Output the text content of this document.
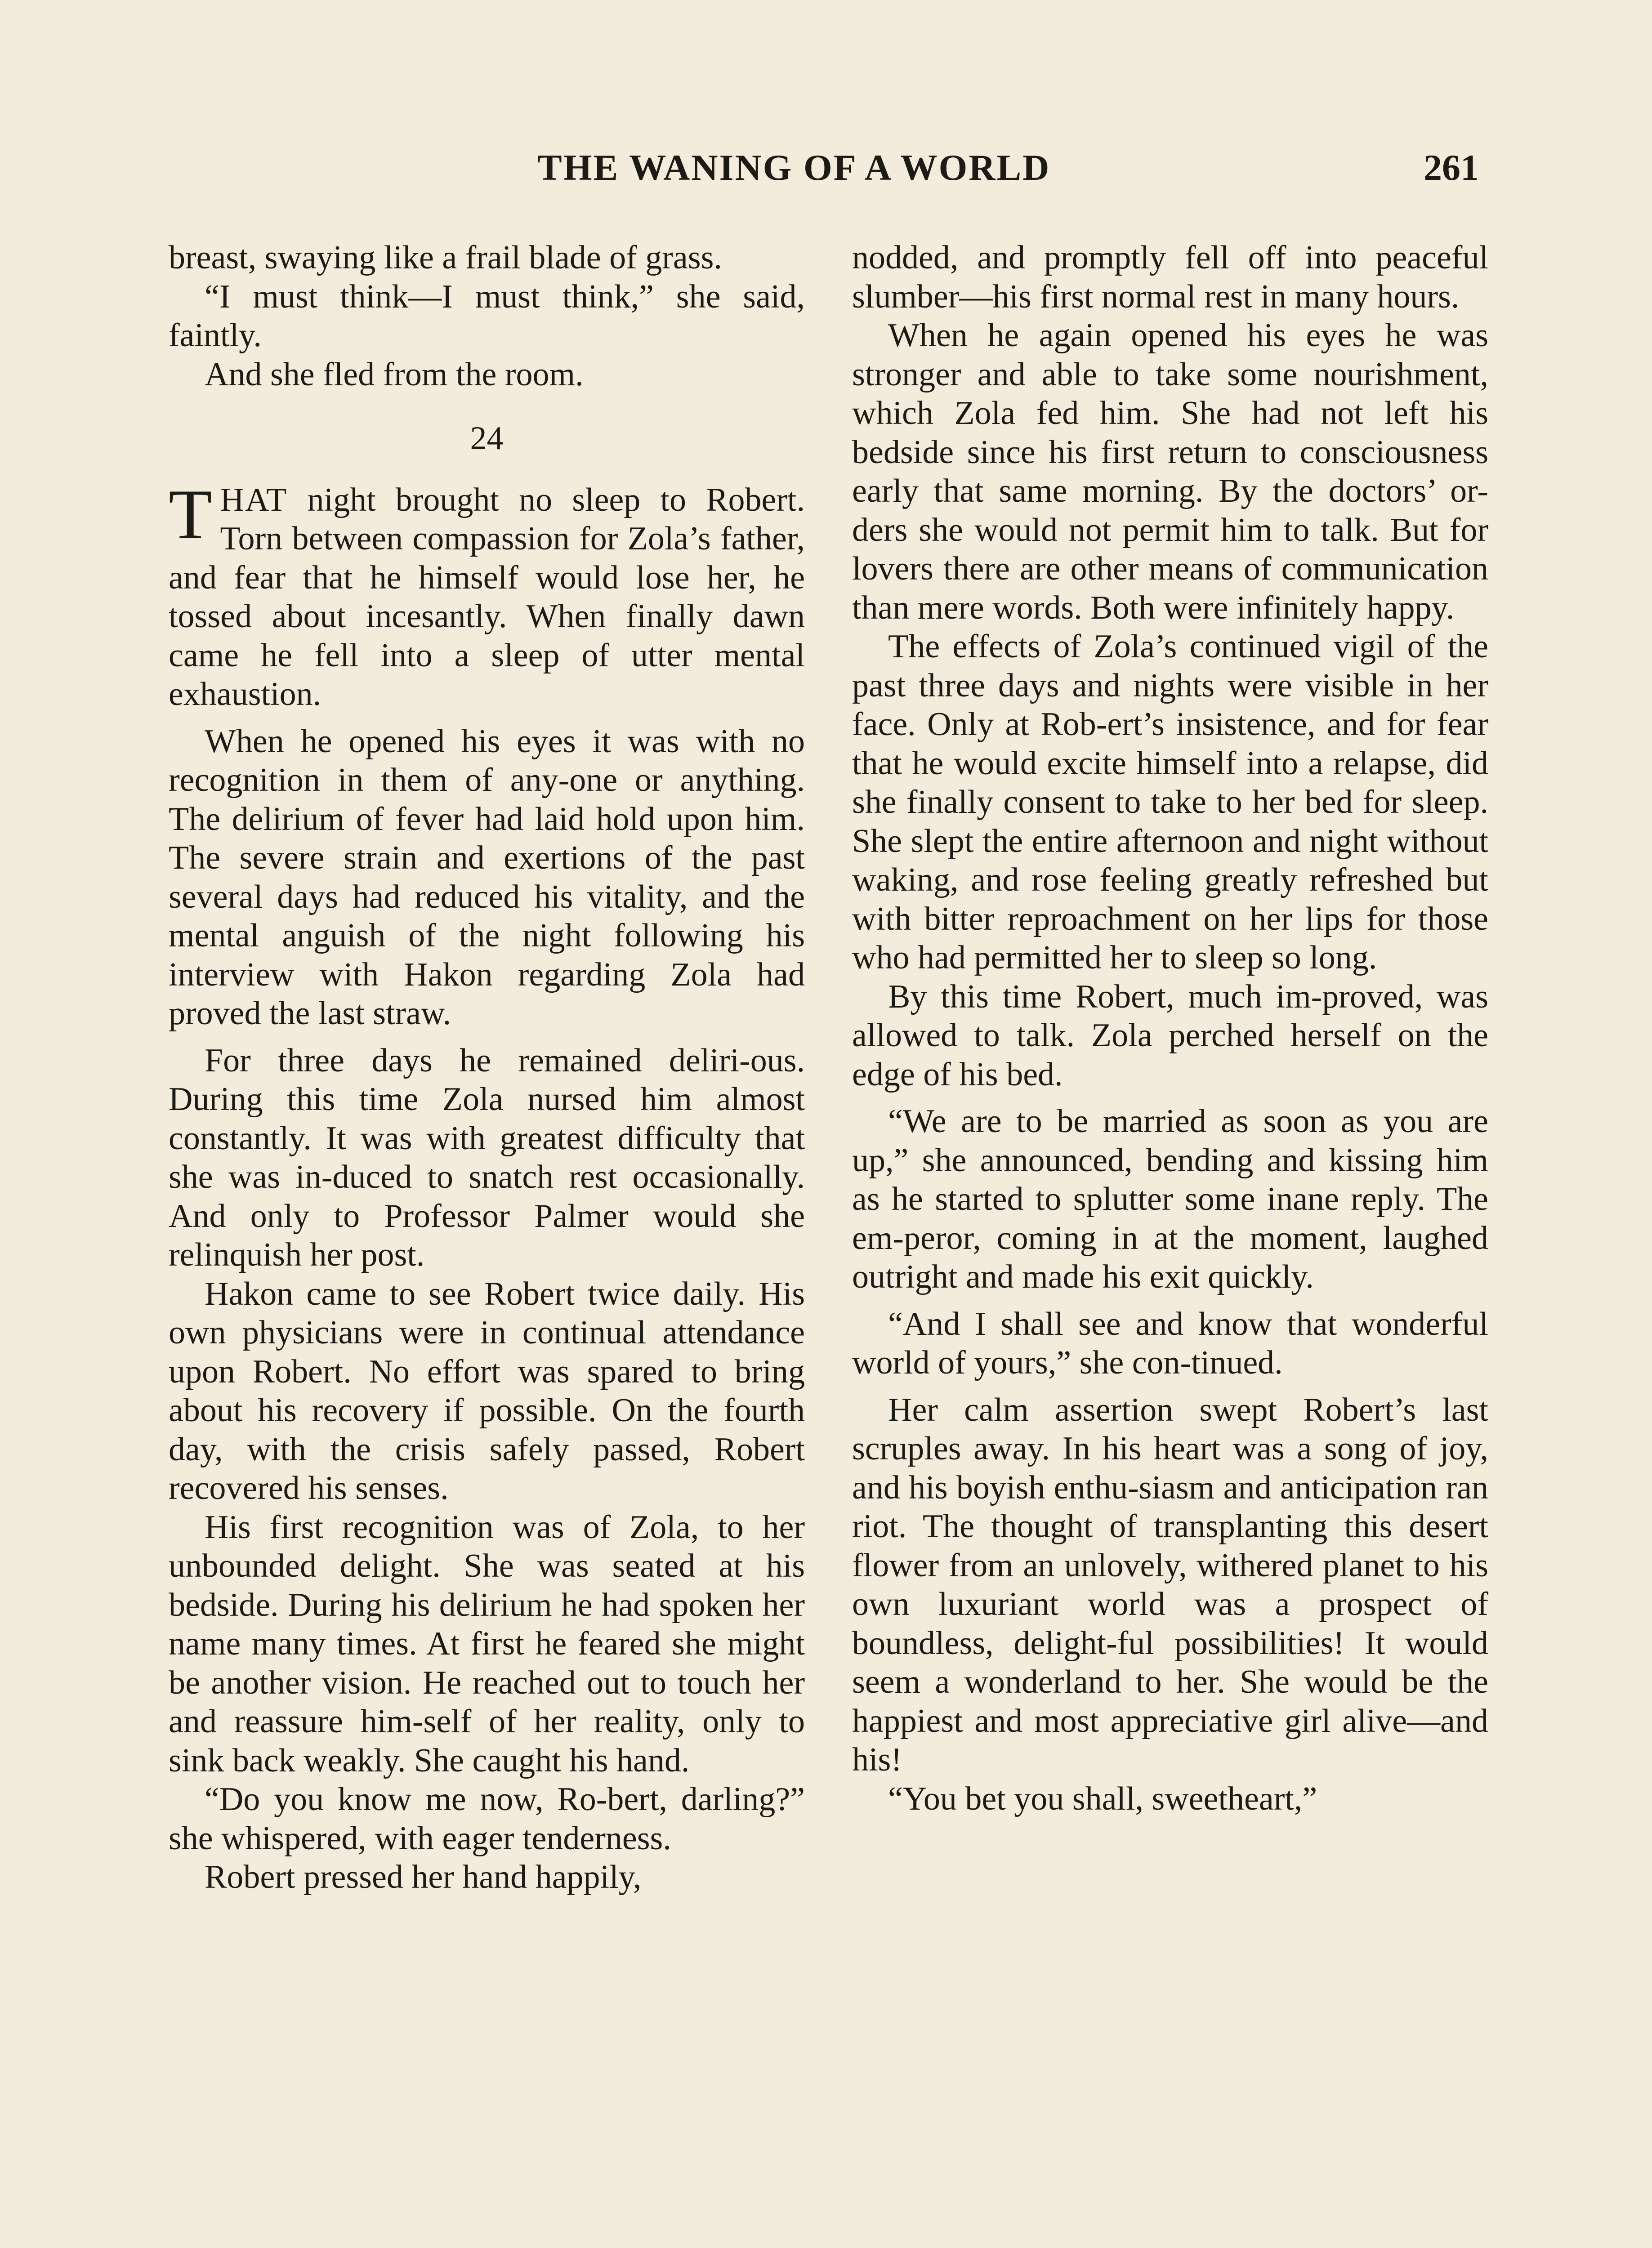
THE WANING OF A WORLD	261

breast, swaying like a frail blade of grass.

“I must think—I must think,” she said, faintly.

And she fled from the room.

24

THAT night brought no sleep to Robert. Torn between compassion for Zola’s father, and fear that he himself would lose her, he tossed about incesantly. When finally dawn came he fell into a sleep of utter mental exhaustion.

When he opened his eyes it was with no recognition in them of any-one or anything. The delirium of fever had laid hold upon him. The severe strain and exertions of the past several days had reduced his vitality, and the mental anguish of the night following his interview with Hakon regarding Zola had proved the last straw.

For three days he remained deliri-ous. During this time Zola nursed him almost constantly. It was with greatest difficulty that she was in-duced to snatch rest occasionally. And only to Professor Palmer would she relinquish her post.

Hakon came to see Robert twice daily. His own physicians were in continual attendance upon Robert. No effort was spared to bring about his recovery if possible. On the fourth day, with the crisis safely passed, Robert recovered his senses.

His first recognition was of Zola, to her unbounded delight. She was seated at his bedside. During his delirium he had spoken her name many times. At first he feared she might be another vision. He reached out to touch her and reassure him-self of her reality, only to sink back weakly. She caught his hand.

“Do you know me now, Ro-bert, darling?” she whispered, with eager tenderness.

Robert pressed her hand happily,

nodded, and promptly fell off into peaceful slumber—his first normal rest in many hours.

When he again opened his eyes he was stronger and able to take some nourishment, which Zola fed him. She had not left his bedside since his first return to consciousness early that same morning. By the doctors’ or-ders she would not permit him to talk. But for lovers there are other means of communication than mere words. Both were infinitely happy.

The effects of Zola’s continued vigil of the past three days and nights were visible in her face. Only at Rob-ert’s insistence, and for fear that he would excite himself into a relapse, did she finally consent to take to her bed for sleep. She slept the entire afternoon and night without waking, and rose feeling greatly refreshed but with bitter reproachment on her lips for those who had permitted her to sleep so long.

By this time Robert, much im-proved, was allowed to talk. Zola perched herself on the edge of his bed.

“We are to be married as soon as you are up,” she announced, bending and kissing him as he started to splutter some inane reply. The em-peror, coming in at the moment, laughed outright and made his exit quickly.

“And I shall see and know that wonderful world of yours,” she con-tinued.

Her calm assertion swept Robert’s last scruples away. In his heart was a song of joy, and his boyish enthu-siasm and anticipation ran riot. The thought of transplanting this desert flower from an unlovely, withered planet to his own luxuriant world was a prospect of boundless, delight-ful possibilities! It would seem a wonderland to her. She would be the happiest and most appreciative girl alive—and his!

“You bet you shall, sweetheart,”
